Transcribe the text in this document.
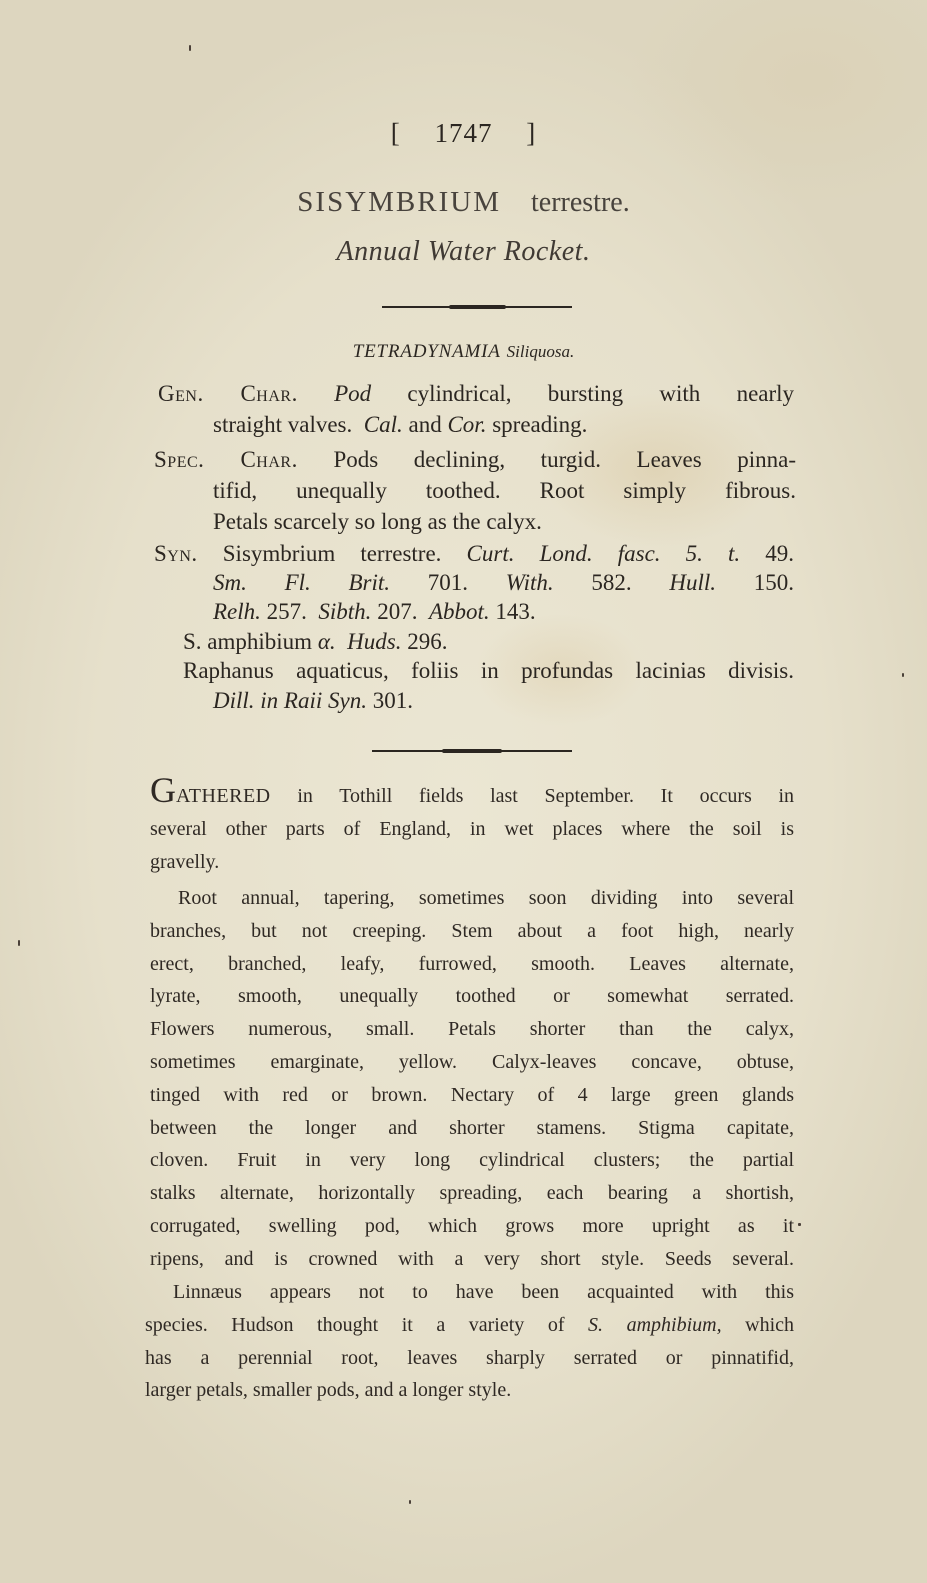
[ 1747 ]
SISYMBRIUM terrestre.
Annual Water Rocket.
TETRADYNAMIA Siliquosa.
Gen. Char. Pod cylindrical, bursting with nearly
straight valves. Cal. and Cor. spreading.
Spec. Char. Pods declining, turgid. Leaves pinna-
tifid, unequally toothed. Root simply fibrous.
Petals scarcely so long as the calyx.
Syn. Sisymbrium terrestre. Curt. Lond. fasc. 5. t. 49.
Sm. Fl. Brit. 701. With. 582. Hull. 150.
Relh. 257. Sibth. 207. Abbot. 143.
S. amphibium α. Huds. 296.
Raphanus aquaticus, foliis in profundas lacinias divisis.
Dill. in Raii Syn. 301.
GATHERED in Tothill fields last September. It occurs in
several other parts of England, in wet places where the soil is
gravelly.
Root annual, tapering, sometimes soon dividing into several
branches, but not creeping. Stem about a foot high, nearly
erect, branched, leafy, furrowed, smooth. Leaves alternate,
lyrate, smooth, unequally toothed or somewhat serrated.
Flowers numerous, small. Petals shorter than the calyx,
sometimes emarginate, yellow. Calyx-leaves concave, obtuse,
tinged with red or brown. Nectary of 4 large green glands
between the longer and shorter stamens. Stigma capitate,
cloven. Fruit in very long cylindrical clusters; the partial
stalks alternate, horizontally spreading, each bearing a shortish,
corrugated, swelling pod, which grows more upright as it
ripens, and is crowned with a very short style. Seeds several.
Linnæus appears not to have been acquainted with this
species. Hudson thought it a variety of S. amphibium, which
has a perennial root, leaves sharply serrated or pinnatifid,
larger petals, smaller pods, and a longer style.
